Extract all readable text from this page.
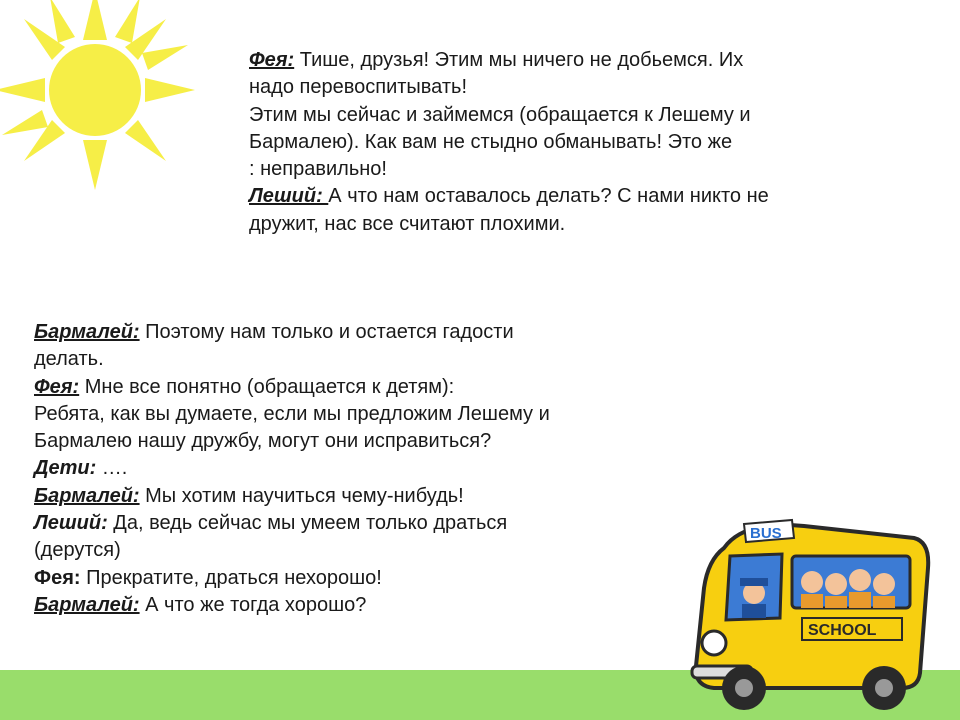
Фея: Тише, друзья! Этим мы ничего не добьемся. Их
надо перевоспитывать!
Этим мы сейчас и займемся (обращается к Лешему и
Бармалею). Как вам не стыдно обманывать! Это же
: неправильно!
Леший: А что нам оставалось делать? С нами никто не
дружит, нас все считают плохими.
Бармалей: Поэтому нам только и остается гадости
делать.
Фея: Мне все понятно (обращается к детям):
Ребята, как вы думаете, если мы предложим Лешему и
Бармалею нашу дружбу, могут они исправиться?
Дети: ….
Бармалей: Мы хотим научиться чему-нибудь!
Леший: Да, ведь сейчас мы умеем только драться
(дерутся)
Фея: Прекратите, драться нехорошо!
Бармалей: А что же тогда хорошо?
BUS
SCHOOL
